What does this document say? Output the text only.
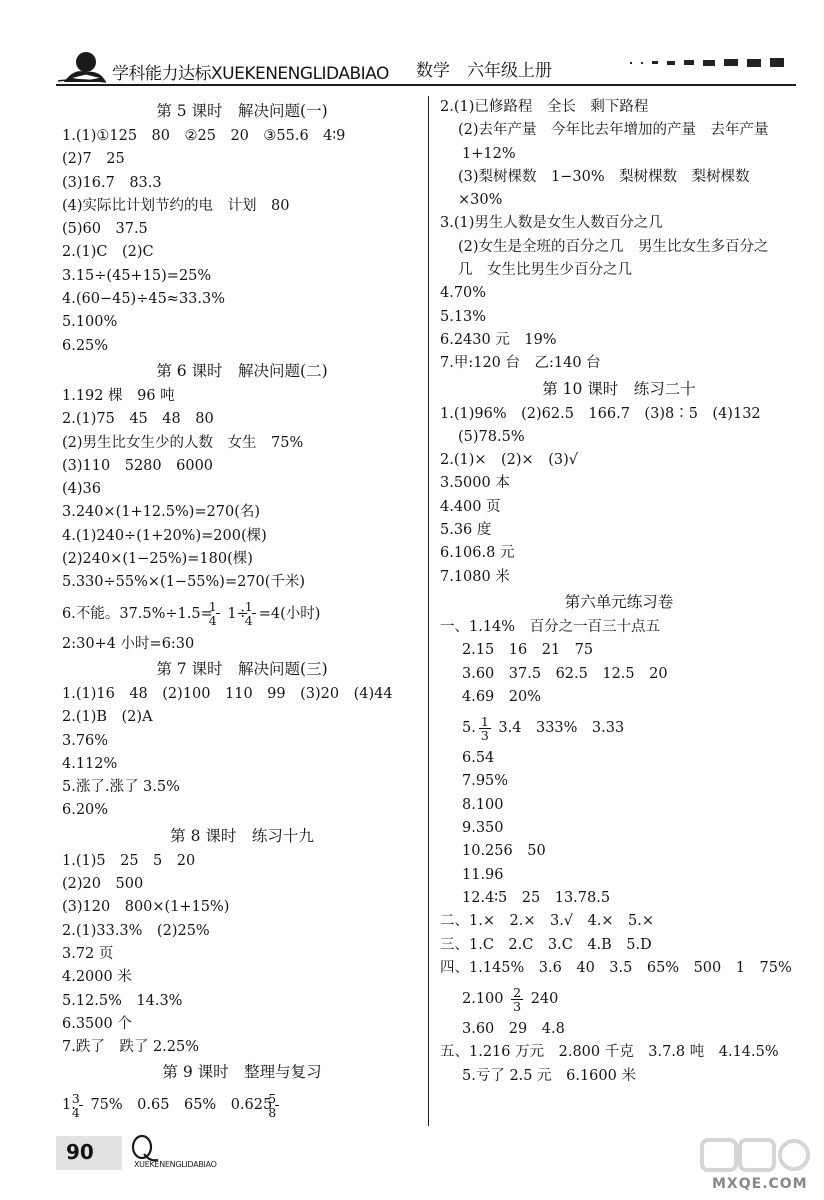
学科能力达标XUEKENENGLIDABIAO 数学　六年级上册
第 5 课时　解决问题(一)
1.(1)①125　80　②25　20　③55.6　4∶9
(2)7　25
(3)16.7　83.3
(4)实际比计划节约的电　计划　80
(5)60　37.5
2.(1)C　(2)C
3.15÷(45+15)=25%
4.(60−45)÷45≈33.3%
5.100%
6.25%
第 6 课时　解决问题(二)
1.192 棵　96 吨
2.(1)75　45　48　80
(2)男生比女生少的人数　女生　75%
(3)110　5280　6000
(4)36
3.240×(1+12.5%)=270(名)
4.(1)240÷(1+20%)=200(棵)
(2)240×(1−25%)=180(棵)
5.330÷55%×(1−55%)=270(千米)
6.不能。$37.5\%\div 1.5= \frac{1}{4} 1\div \frac{1}{4} =4$(小时)
2:30+4 小时=6:30
第 7 课时　解决问题(三)
1.(1)16　48　(2)100　110　99　(3)20　(4)44
2.(1)B　(2)A
3.76%
4.112%
5.涨了.涨了 3.5%
6.20%
第 8 课时　练习十九
1.(1)5　25　5　20
(2)20　500
(3)120　800×(1+15%)
2.(1)33.3%　(2)25%
3.72 页
4.2000 米
5.12.5%　14.3%
6.3500 个
7.跌了　跌了 2.25%
第 9 课时　整理与复习
1. $\frac{3}{4} 75\%$　0.65　65%　$0.625 \frac{5}{8}$
2.(1)已修路程　全长　剩下路程
(2)去年产量　今年比去年增加的产量　去年产量
1+12%
(3)梨树棵数　1−30%　梨树棵数　梨树棵数
×30%
3.(1)男生人数是女生人数百分之几
(2)女生是全班的百分之几　男生比女生多百分之
几　女生比男生少百分之几
4.70%
5.13%
6.2430 元　19%
7.甲:120 台　乙:140 台
第 10 课时　练习二十
1.(1)96%　(2)62.5　166.7　(3)8∶5　(4)132
(5)78.5%
2.(1)×　(2)×　(3)√
3.5000 本
4.400 页
5.36 度
6.106.8 元
7.1080 米
第六单元练习卷
一、1.14%　百分之一百三十点五
2.15　16　21　75
3.60　37.5　62.5　12.5　20
4.69　20%
5. $\frac{1}{3} 3.4$　333%　3.33
6.54
7.95%
8.100
9.350
10.256　50
11.96
12.4∶5　25　13.78.5
二、1.×　2.×　3.√　4.×　5.×
三、1.C　2.C　3.C　4.B　5.D
四、1.145%　3.6　40　3.5　65%　500　1　75%
$2.100 \frac{2}{3} 240$
3.60　29　4.8
五、1.216 万元　2.800 千克　3.7.8 吨　4.14.5%
5.亏了 2.5 元　6.1600 米
90
XUEKENENGLIDABIAO
MXQE.COM
